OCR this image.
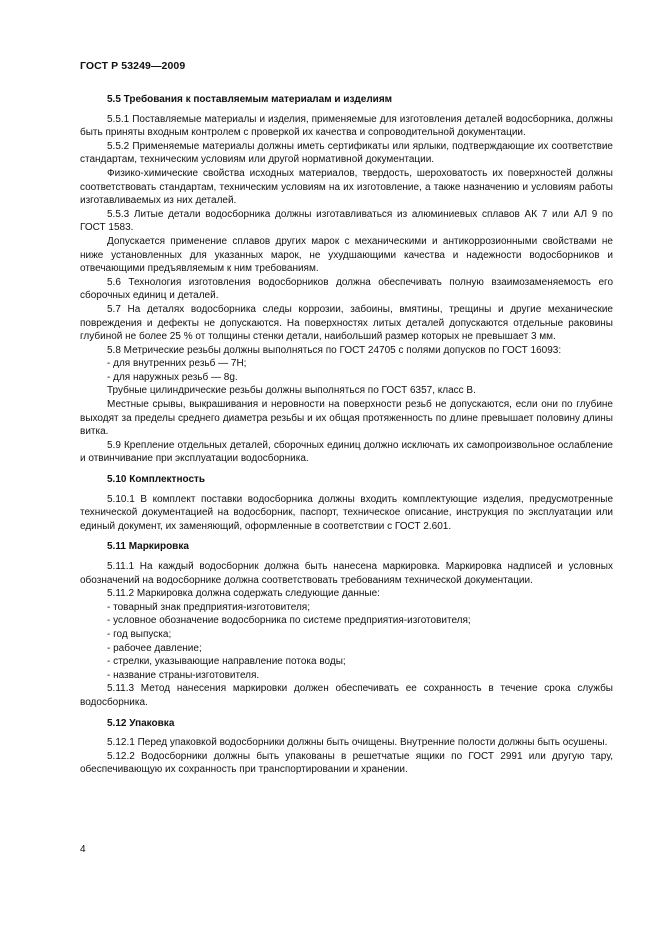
ГОСТ Р 53249—2009
5.5 Требования к поставляемым материалам и изделиям

5.5.1 Поставляемые материалы и изделия, применяемые для изготовления деталей водосборника, должны быть приняты входным контролем с проверкой их качества и сопроводительной документации.

5.5.2 Применяемые материалы должны иметь сертификаты или ярлыки, подтверждающие их соответствие стандартам, техническим условиям или другой нормативной документации.

Физико-химические свойства исходных материалов, твердость, шероховатость их поверхностей должны соответствовать стандартам, техническим условиям на их изготовление, а также назначению и условиям работы изготавливаемых из них деталей.

5.5.3 Литые детали водосборника должны изготавливаться из алюминиевых сплавов АК 7 или АЛ 9 по ГОСТ 1583.

Допускается применение сплавов других марок с механическими и антикоррозионными свойствами не ниже установленных для указанных марок, не ухудшающими качества и надежности водосборников и отвечающими предъявляемым к ним требованиям.

5.6 Технология изготовления водосборников должна обеспечивать полную взаимозаменяемость его сборочных единиц и деталей.

5.7 На деталях водосборника следы коррозии, забоины, вмятины, трещины и другие механические повреждения и дефекты не допускаются. На поверхностях литых деталей допускаются отдельные раковины глубиной не более 25 % от толщины стенки детали, наибольший размер которых не превышает 3 мм.

5.8 Метрические резьбы должны выполняться по ГОСТ 24705 с полями допусков по ГОСТ 16093:

- для внутренних резьб — 7Н;
- для наружных резьб — 8g.

Трубные цилиндрические резьбы должны выполняться по ГОСТ 6357, класс В.

Местные срывы, выкрашивания и неровности на поверхности резьб не допускаются, если они по глубине выходят за пределы среднего диаметра резьбы и их общая протяженность по длине превышает половину длины витка.

5.9 Крепление отдельных деталей, сборочных единиц должно исключать их самопроизвольное ослабление и отвинчивание при эксплуатации водосборника.

5.10 Комплектность

5.10.1 В комплект поставки водосборника должны входить комплектующие изделия, предусмотренные технической документацией на водосборник, паспорт, техническое описание, инструкция по эксплуатации или единый документ, их заменяющий, оформленные в соответствии с ГОСТ 2.601.

5.11 Маркировка

5.11.1 На каждый водосборник должна быть нанесена маркировка. Маркировка надписей и условных обозначений на водосборнике должна соответствовать требованиям технической документации.

5.11.2 Маркировка должна содержать следующие данные:

- товарный знак предприятия-изготовителя;
- условное обозначение водосборника по системе предприятия-изготовителя;
- год выпуска;
- рабочее давление;
- стрелки, указывающие направление потока воды;
- название страны-изготовителя.

5.11.3 Метод нанесения маркировки должен обеспечивать ее сохранность в течение срока службы водосборника.

5.12 Упаковка

5.12.1 Перед упаковкой водосборники должны быть очищены. Внутренние полости должны быть осушены.

5.12.2 Водосборники должны быть упакованы в решетчатые ящики по ГОСТ 2991 или другую тару, обеспечивающую их сохранность при транспортировании и хранении.

4
